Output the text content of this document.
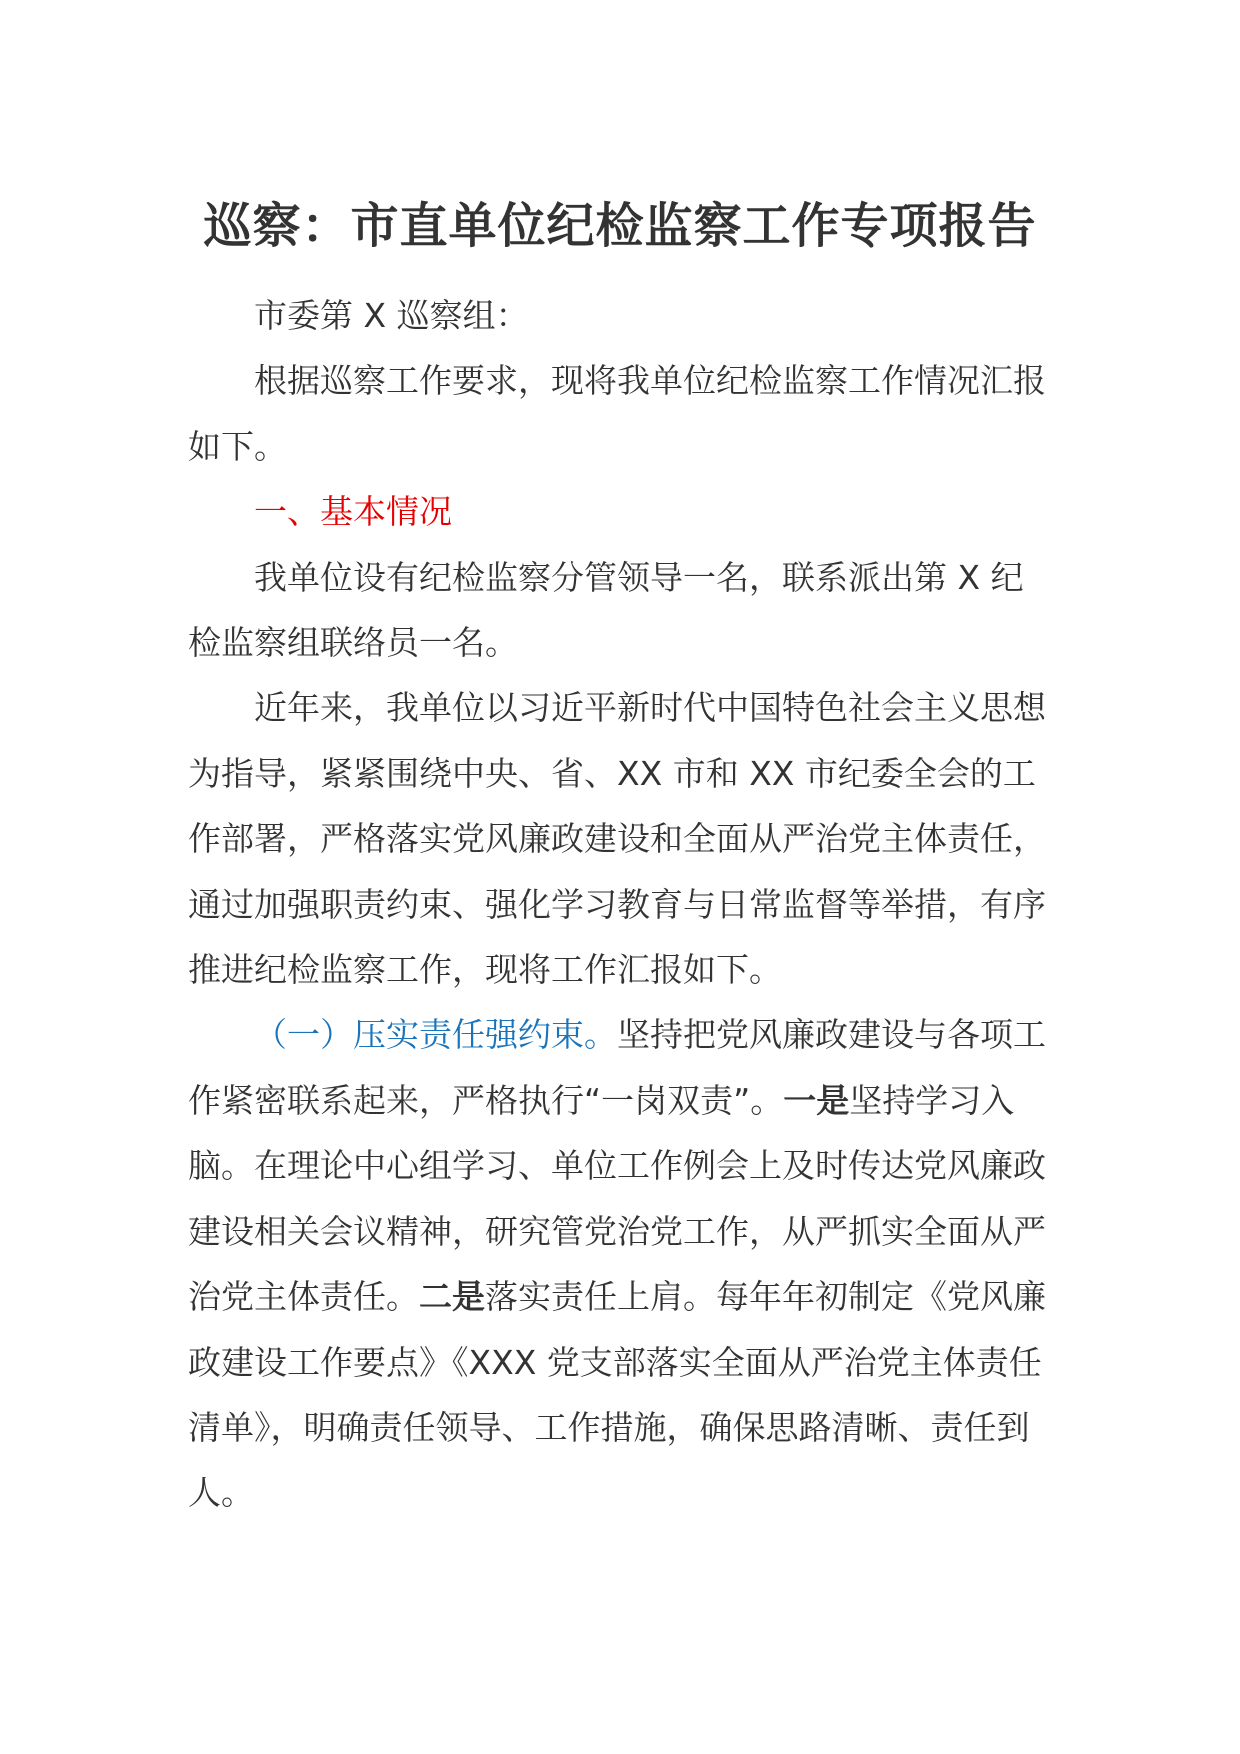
巡察：市直单位纪检监察工作专项报告

市委第 X 巡察组：

根据巡察工作要求，现将我单位纪检监察工作情况汇报如下。

一、基本情况

我单位设有纪检监察分管领导一名，联系派出第 X 纪检监察组联络员一名。

近年来，我单位以习近平新时代中国特色社会主义思想为指导，紧紧围绕中央、省、XX 市和 XX 市纪委全会的工作部署，严格落实党风廉政建设和全面从严治党主体责任，通过加强职责约束、强化学习教育与日常监督等举措，有序推进纪检监察工作，现将工作汇报如下。

（一）压实责任强约束。坚持把党风廉政建设与各项工作紧密联系起来，严格执行“一岗双责”。一是坚持学习入脑。在理论中心组学习、单位工作例会上及时传达党风廉政建设相关会议精神，研究管党治党工作，从严抓实全面从严治党主体责任。二是落实责任上肩。每年年初制定《党风廉政建设工作要点》《XXX 党支部落实全面从严治党主体责任清单》，明确责任领导、工作措施，确保思路清晰、责任到人。
